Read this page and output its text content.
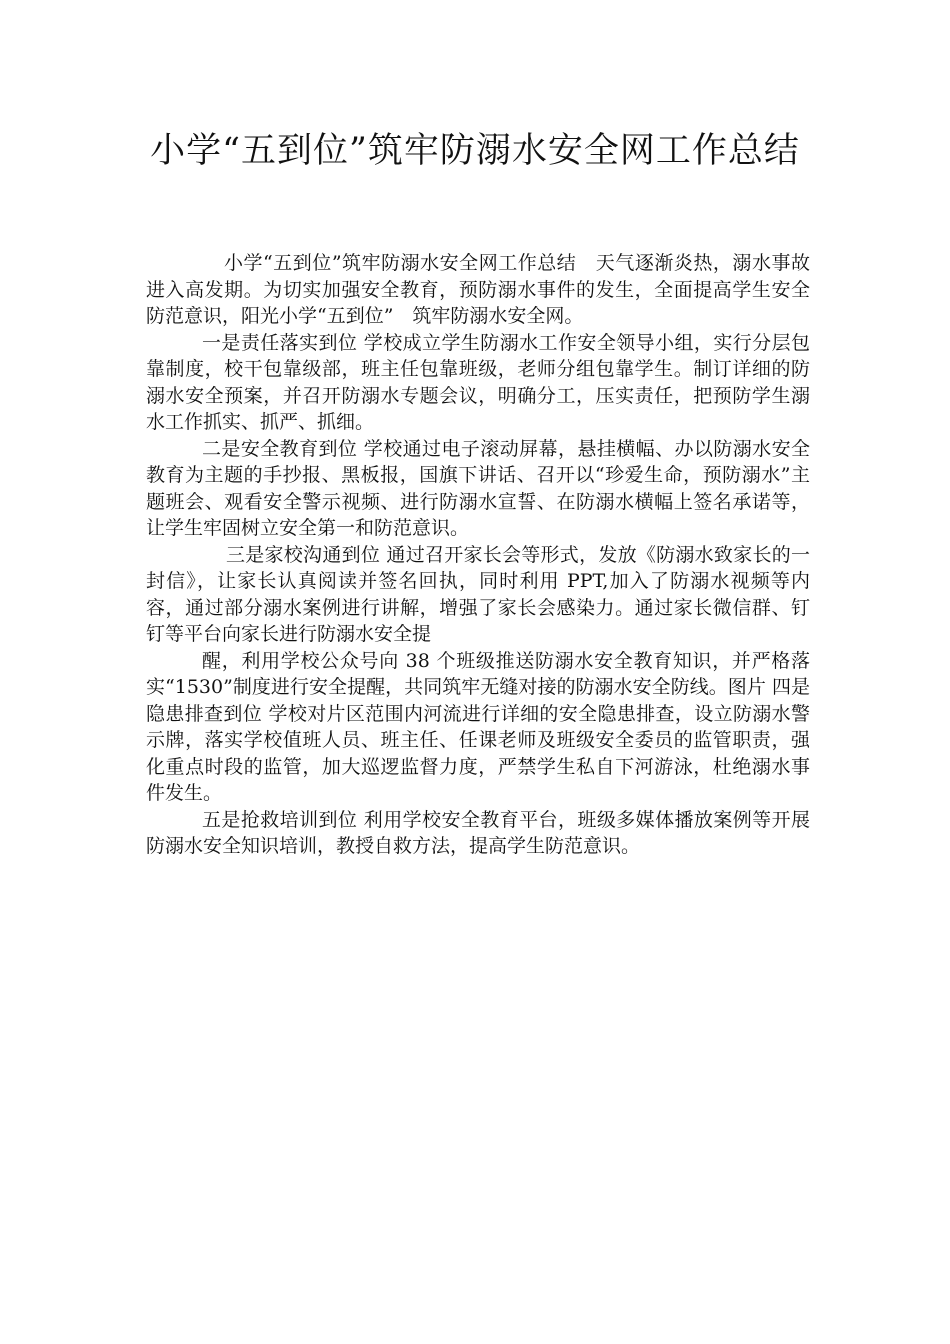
小学“五到位”筑牢防溺水安全网工作总结

小学“五到位”筑牢防溺水安全网工作总结　天气逐渐炎热，溺水事故进入高发期。为切实加强安全教育，预防溺水事件的发生，全面提高学生安全防范意识，阳光小学“五到位”　筑牢防溺水安全网。

一是责任落实到位 学校成立学生防溺水工作安全领导小组，实行分层包靠制度，校干包靠级部，班主任包靠班级，老师分组包靠学生。制订详细的防溺水安全预案，并召开防溺水专题会议，明确分工，压实责任，把预防学生溺水工作抓实、抓严、抓细。

二是安全教育到位 学校通过电子滚动屏幕，悬挂横幅、办以防溺水安全教育为主题的手抄报、黑板报，国旗下讲话、召开以“珍爱生命，预防溺水”主题班会、观看安全警示视频、进行防溺水宣誓、在防溺水横幅上签名承诺等，让学生牢固树立安全第一和防范意识。

三是家校沟通到位 通过召开家长会等形式，发放《防溺水致家长的一封信》，让家长认真阅读并签名回执，同时利用 PPT,加入了防溺水视频等内容，通过部分溺水案例进行讲解，增强了家长会感染力。通过家长微信群、钉钉等平台向家长进行防溺水安全提

醒，利用学校公众号向 38 个班级推送防溺水安全教育知识，并严格落实“1530”制度进行安全提醒，共同筑牢无缝对接的防溺水安全防线。图片 四是隐患排查到位 学校对片区范围内河流进行详细的安全隐患排查，设立防溺水警示牌，落实学校值班人员、班主任、任课老师及班级安全委员的监管职责，强化重点时段的监管，加大巡逻监督力度，严禁学生私自下河游泳，杜绝溺水事件发生。

五是抢救培训到位 利用学校安全教育平台，班级多媒体播放案例等开展防溺水安全知识培训，教授自救方法，提高学生防范意识。
